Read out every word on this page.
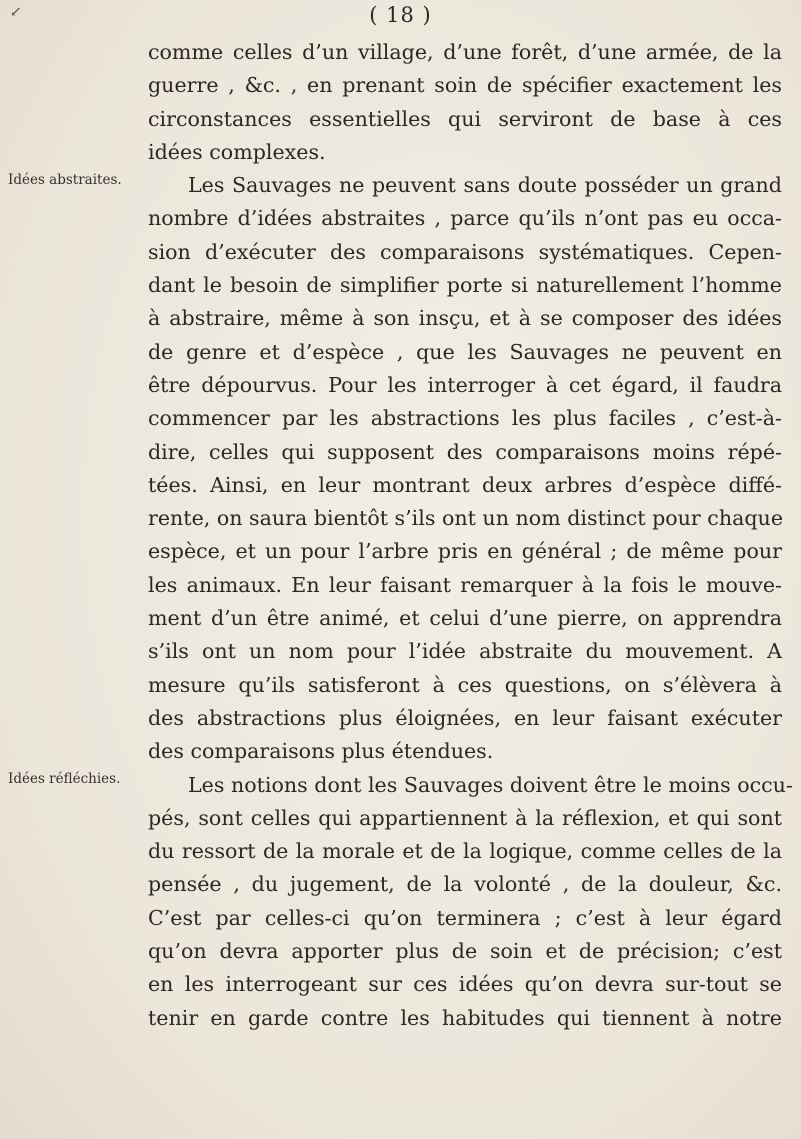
↙	( 18 )
Idées abstraites.
Idées réfléchies.

comme celles d’un village, d’une forêt, d’une armée, de la
guerre , &c. , en prenant soin de spécifier exactement les
circonstances essentielles qui serviront de base à ces
idées complexes.

Les Sauvages ne peuvent sans doute posséder un grand
nombre d’idées abstraites , parce qu’ils n’ont pas eu occa-
sion d’exécuter des comparaisons systématiques. Cepen-
dant le besoin de simplifier porte si naturellement l’homme
à abstraire, même à son insçu, et à se composer des idées
de genre et d’espèce , que les Sauvages ne peuvent en
être dépourvus. Pour les interroger à cet égard, il faudra
commencer par les abstractions les plus faciles , c’est-à-
dire, celles qui supposent des comparaisons moins répé-
tées. Ainsi, en leur montrant deux arbres d’espèce diffé-
rente, on saura bientôt s’ils ont un nom distinct pour chaque
espèce, et un pour l’arbre pris en général ; de même pour
les animaux. En leur faisant remarquer à la fois le mouve-
ment d’un être animé, et celui d’une pierre, on apprendra
s’ils ont un nom pour l’idée abstraite du mouvement. A
mesure qu’ils satisferont à ces questions, on s’élèvera à
des abstractions plus éloignées, en leur faisant exécuter
des comparaisons plus étendues.

Les notions dont les Sauvages doivent être le moins occu-
pés, sont celles qui appartiennent à la réflexion, et qui sont
du ressort de la morale et de la logique, comme celles de la
pensée , du jugement, de la volonté , de la douleur, &c.
C’est par celles-ci qu’on terminera ; c’est à leur égard
qu’on devra apporter plus de soin et de précision; c’est
en les interrogeant sur ces idées qu’on devra sur-tout se
tenir en garde contre les habitudes qui tiennent à notre
